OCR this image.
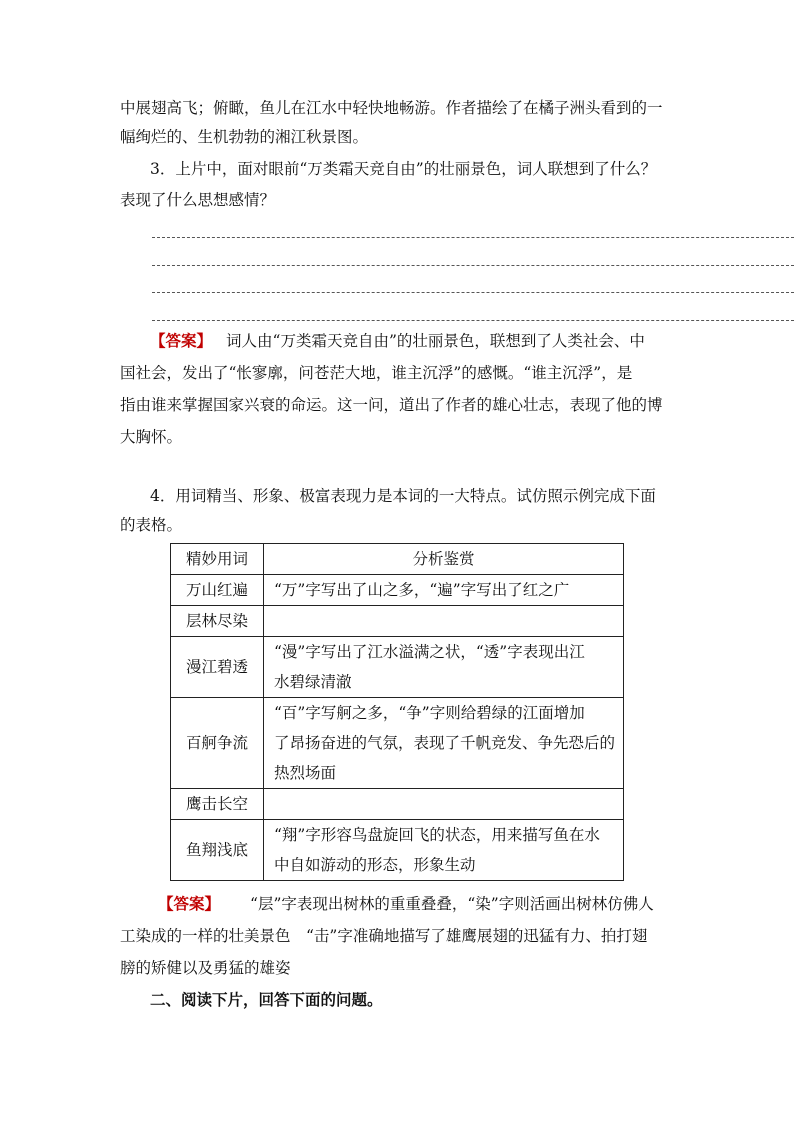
中展翅高飞；俯瞰，鱼儿在江水中轻快地畅游。作者描绘了在橘子洲头看到的一
幅绚烂的、生机勃勃的湘江秋景图。
3．上片中，面对眼前“万类霜天竞自由”的壮丽景色，词人联想到了什么？
表现了什么思想感情？
【答案】 词人由“万类霜天竞自由”的壮丽景色，联想到了人类社会、中
国社会，发出了“怅寥廓，问苍茫大地，谁主沉浮”的感慨。“谁主沉浮”，是
指由谁来掌握国家兴衰的命运。这一问，道出了作者的雄心壮志，表现了他的博
大胸怀。
4．用词精当、形象、极富表现力是本词的一大特点。试仿照示例完成下面
的表格。
精妙用词	分析鉴赏
万山红遍	“万”字写出了山之多，“遍”字写出了红之广

层林尽染	

漫江碧透	“漫”字写出了江水溢满之状，“透”字表现出江
水碧绿清澈

百舸争流	“百”字写舸之多，“争”字则给碧绿的江面增加
了昂扬奋进的气氛，表现了千帆竞发、争先恐后的
热烈场面

鹰击长空	

鱼翔浅底	“翔”字形容鸟盘旋回飞的状态，用来描写鱼在水
中自如游动的形态，形象生动
【答案】 “层”字表现出树林的重重叠叠，“染”字则活画出树林仿佛人
工染成的一样的壮美景色　“击”字准确地描写了雄鹰展翅的迅猛有力、拍打翅
膀的矫健以及勇猛的雄姿
二、阅读下片，回答下面的问题。
